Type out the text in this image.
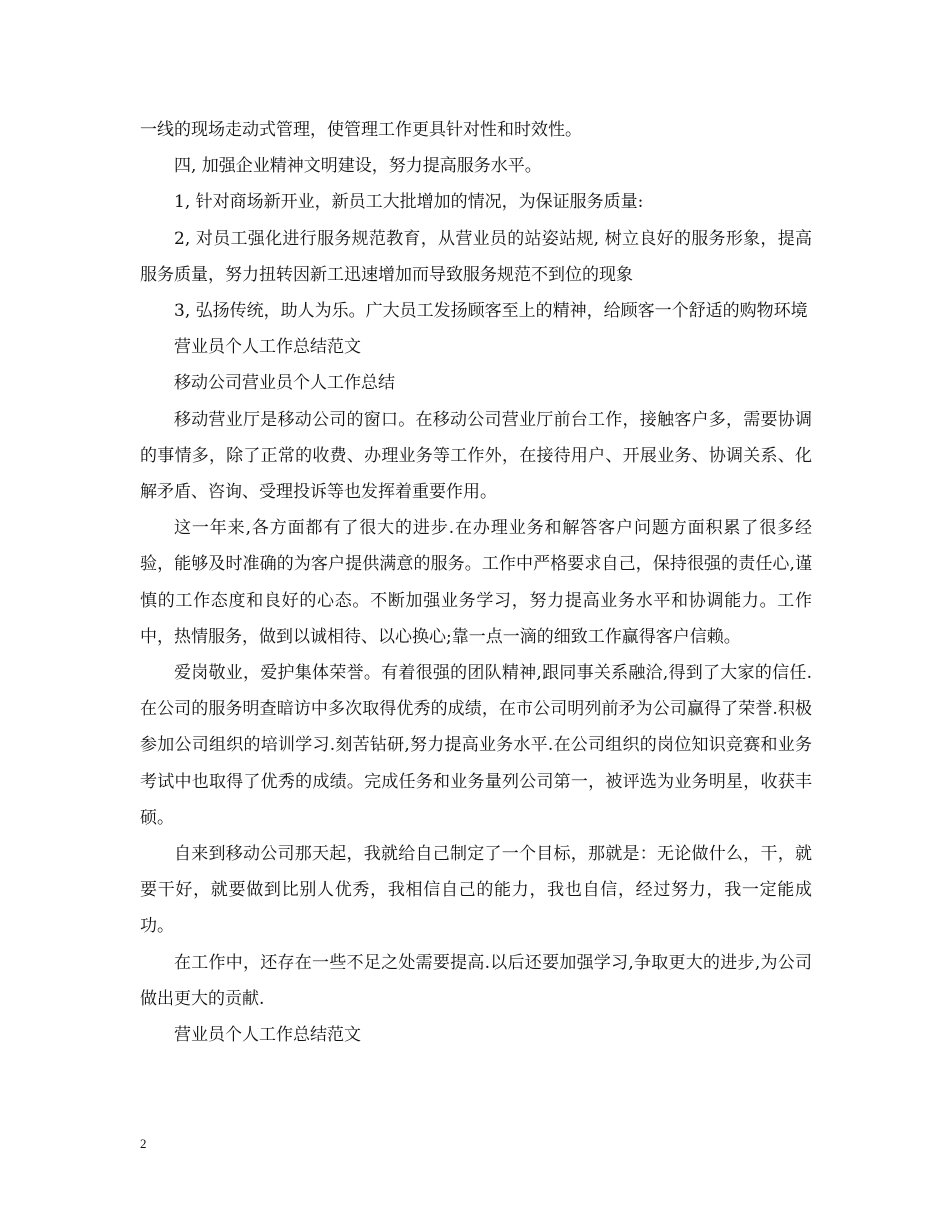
一线的现场走动式管理，使管理工作更具针对性和时效性。

四, 加强企业精神文明建设，努力提高服务水平。

1, 针对商场新开业，新员工大批增加的情况，为保证服务质量:

2, 对员工强化进行服务规范教育，从营业员的站姿站规, 树立良好的服务形象，提高服务质量，努力扭转因新工迅速增加而导致服务规范不到位的现象

3, 弘扬传统，助人为乐。广大员工发扬顾客至上的精神，给顾客一个舒适的购物环境

营业员个人工作总结范文

移动公司营业员个人工作总结

移动营业厅是移动公司的窗口。在移动公司营业厅前台工作，接触客户多，需要协调的事情多，除了正常的收费、办理业务等工作外，在接待用户、开展业务、协调关系、化解矛盾、咨询、受理投诉等也发挥着重要作用。

这一年来,各方面都有了很大的进步.在办理业务和解答客户问题方面积累了很多经验，能够及时准确的为客户提供满意的服务。工作中严格要求自己，保持很强的责任心,谨慎的工作态度和良好的心态。不断加强业务学习，努力提高业务水平和协调能力。工作中，热情服务，做到以诚相待、以心换心;靠一点一滴的细致工作赢得客户信赖。

爱岗敬业，爱护集体荣誉。有着很强的团队精神,跟同事关系融洽,得到了大家的信任.在公司的服务明查暗访中多次取得优秀的成绩，在市公司明列前矛为公司赢得了荣誉.积极参加公司组织的培训学习.刻苦钻研,努力提高业务水平.在公司组织的岗位知识竞赛和业务考试中也取得了优秀的成绩。完成任务和业务量列公司第一，被评选为业务明星，收获丰硕。

自来到移动公司那天起，我就给自己制定了一个目标，那就是：无论做什么，干，就要干好，就要做到比别人优秀，我相信自己的能力，我也自信，经过努力，我一定能成功。

在工作中，还存在一些不足之处需要提高.以后还要加强学习,争取更大的进步,为公司做出更大的贡献.

营业员个人工作总结范文

2
